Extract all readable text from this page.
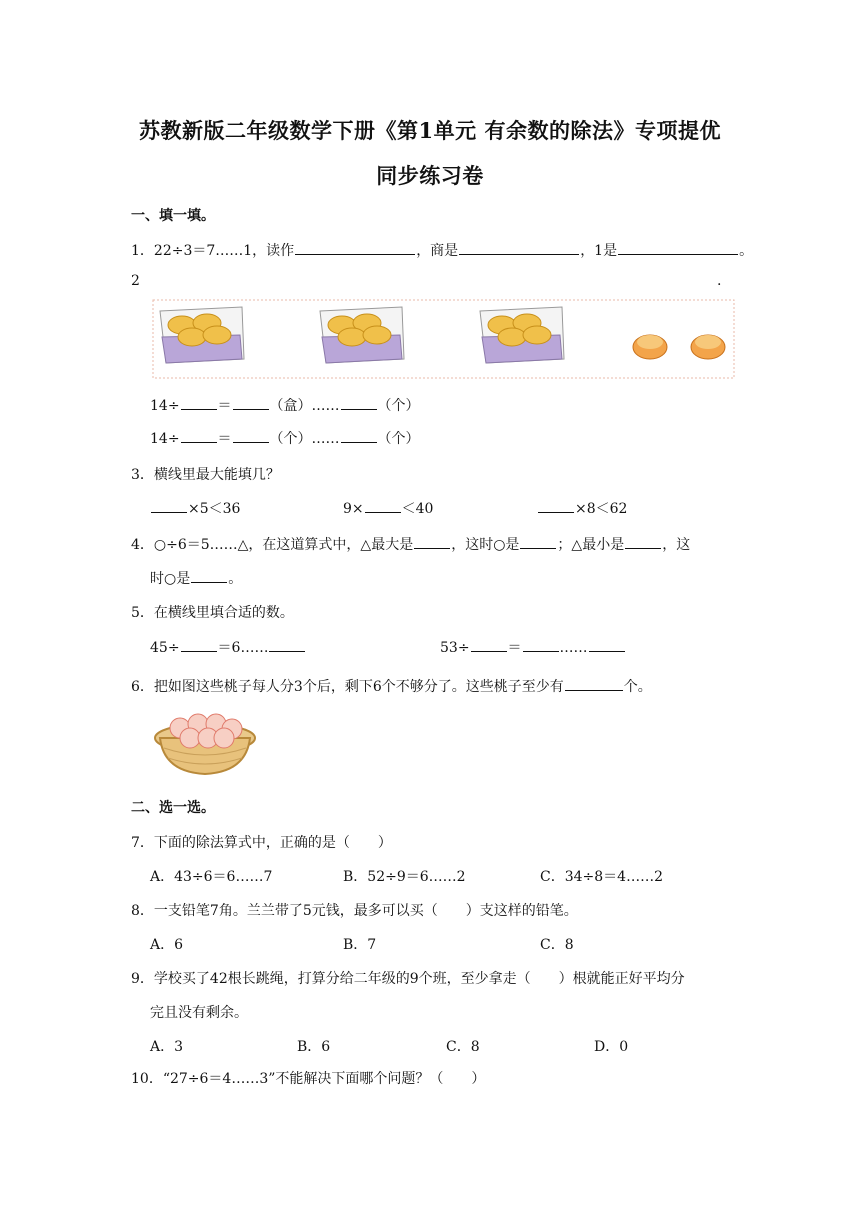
苏教新版二年级数学下册《第1单元 有余数的除法》专项提优
同步练习卷
一、填一填。
1．22÷3＝7……1，读作	，商是	，1是	。
2	.
14÷	＝	（盒）……	（个）
14÷	＝	（个）……	（个）
3．横线里最大能填几？
×5＜36	9×	＜40	×8＜62
4．○÷6＝5……△，在这道算式中，△最大是	，这时○是	；△最小是	，这
时○是	。
5．在横线里填合适的数。
45÷	＝6……	53÷	＝	……
6．把如图这些桃子每人分3个后，剩下6个不够分了。这些桃子至少有	个。
二、选一选。
7．下面的除法算式中，正确的是（　　）
A．43÷6＝6……7	B．52÷9＝6……2	C．34÷8＝4……2
8．一支铅笔7角。兰兰带了5元钱，最多可以买（　　）支这样的铅笔。
A．6	B．7	C．8
9．学校买了42根长跳绳，打算分给二年级的9个班，至少拿走（　　）根就能正好平均分
完且没有剩余。
A．3	B．6	C．8	D．0
10．“27÷6＝4……3”不能解决下面哪个问题？（　　）
